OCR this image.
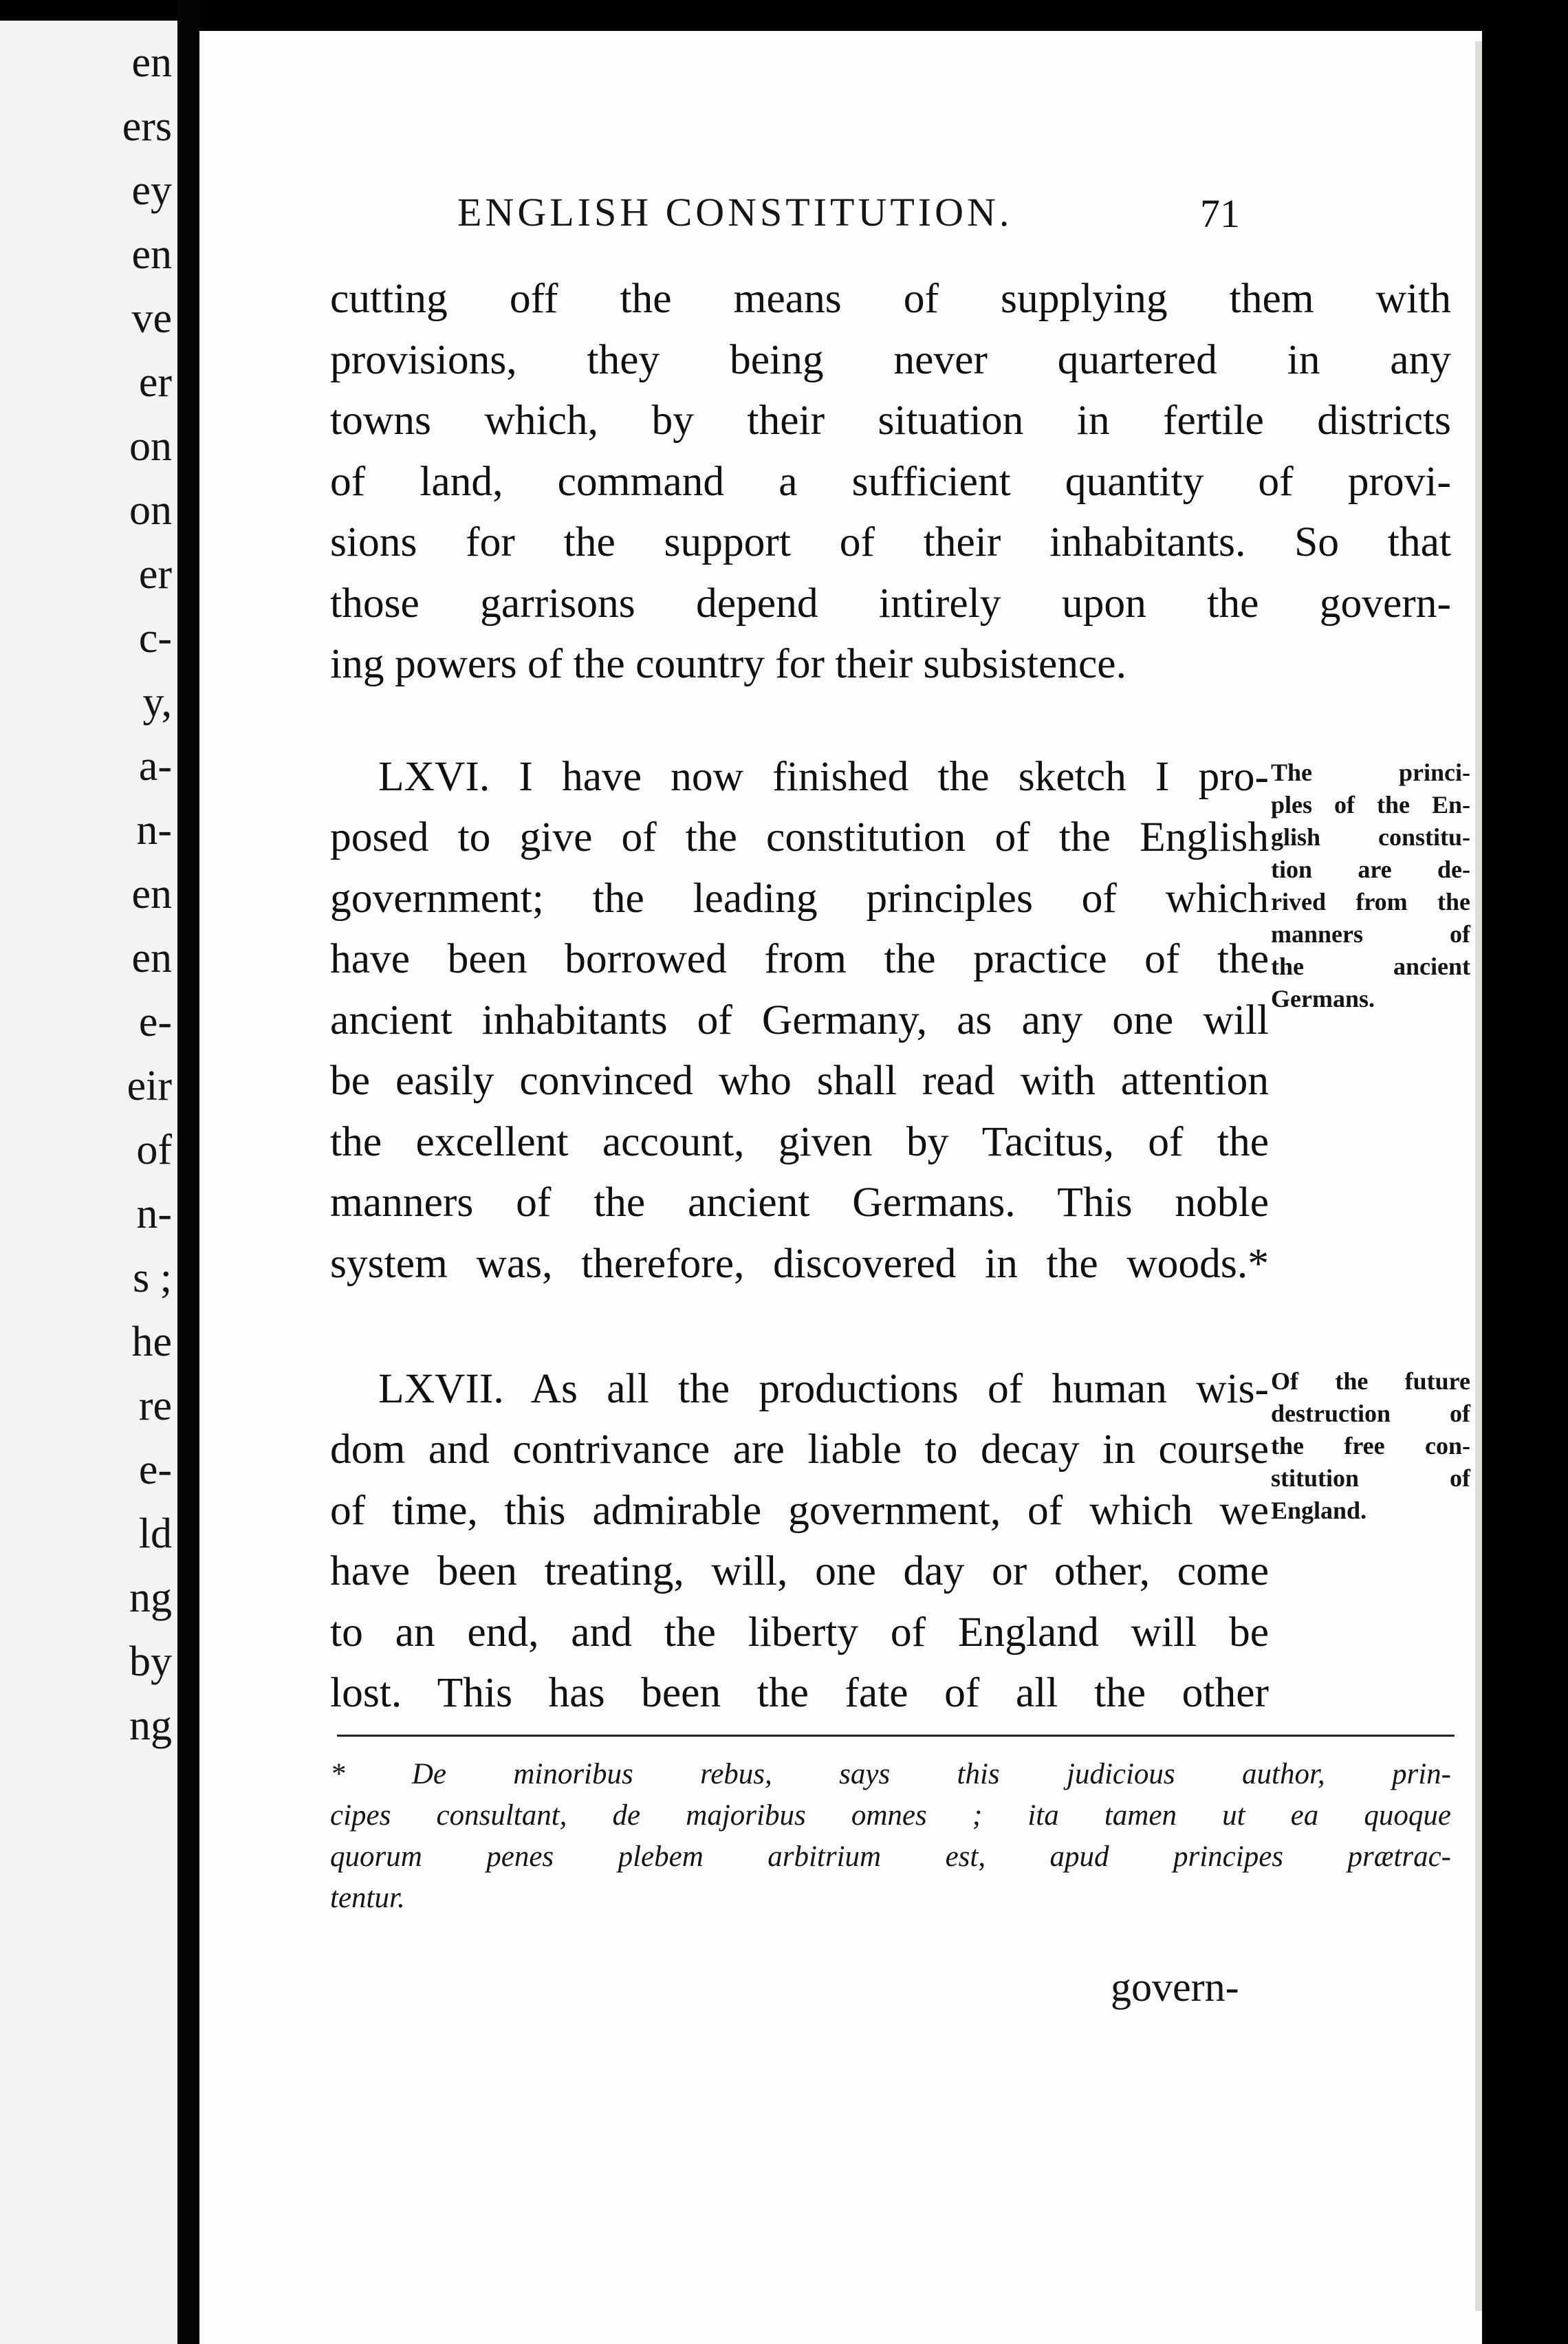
en
ers
ey
en
ve
er
on
on
er
c-
y,
a-
n-
en
en
e-
eir
of
n-
s ;
he
re
e-
ld
ng
by
ng
ENGLISH CONSTITUTION.	71
cutting off the means of supplying them with
provisions, they being never quartered in any
towns which, by their situation in fertile districts
of land, command a sufficient quantity of provi-
sions for the support of their inhabitants. So that
those garrisons depend intirely upon the govern-
ing powers of the country for their subsistence.
LXVI. I have now finished the sketch I pro-
posed to give of the constitution of the English
government; the leading principles of which
have been borrowed from the practice of the
ancient inhabitants of Germany, as any one will
be easily convinced who shall read with attention
the excellent account, given by Tacitus, of the
manners of the ancient Germans. This noble
system was, therefore, discovered in the woods.*
LXVII. As all the productions of human wis-
dom and contrivance are liable to decay in course
of time, this admirable government, of which we
have been treating, will, one day or other, come
to an end, and the liberty of England will be
lost. This has been the fate of all the other
The princi-
ples of the En-
glish constitu-
tion are de-
rived from the
manners of
the ancient
Germans.
Of the future
destruction of
the free con-
stitution of
England.
* De minoribus rebus, says this judicious author, prin-
cipes consultant, de majoribus omnes ; ita tamen ut ea quoque
quorum penes plebem arbitrium est, apud principes prætrac-
tentur.
govern-
